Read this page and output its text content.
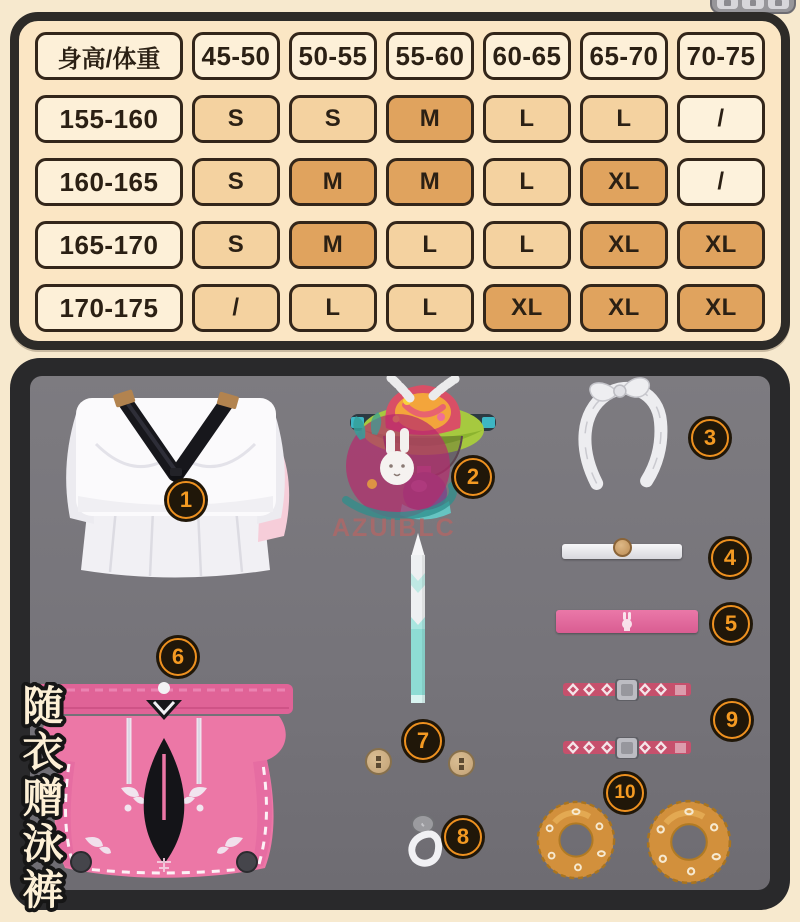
身高/体重	45-50	50-55	55-60	60-65	65-70	70-75
155-160	S	S	M	L	L	/
160-165	S	M	M	L	XL	/
165-170	S	M	L	L	XL	XL
170-175	/	L	L	XL	XL	XL
AZUIBLC
1
2
3
4
5
6
7
8
9
10
随
衣
赠
泳
裤
